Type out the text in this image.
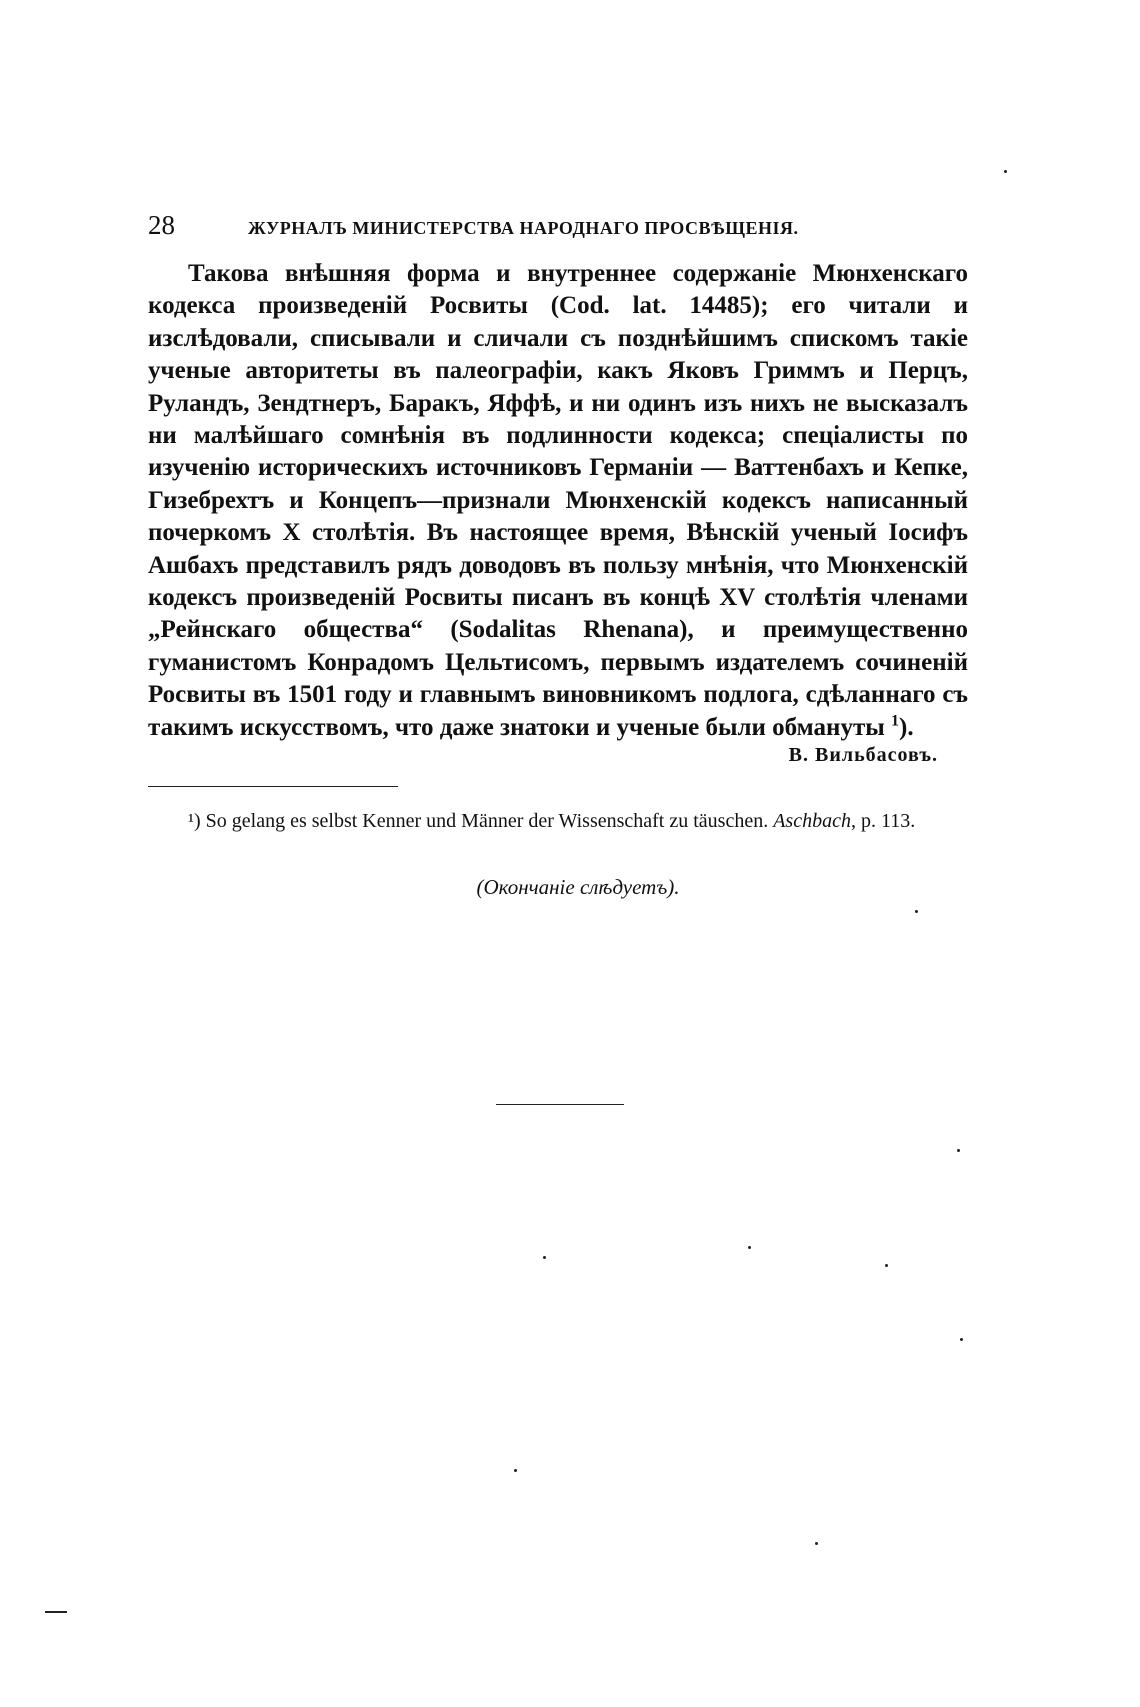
28	ЖУРНАЛЪ МИНИСТЕРСТВА НАРОДНАГО ПРОСВѢЩЕНІЯ.

Такова внѣшняя форма и внутреннее содержаніе Мюнхенскаго кодекса произведеній Росвиты (Cod. lat. 14485); его читали и изслѣдовали, списывали и сличали съ позднѣйшимъ спискомъ такіе ученые авторитеты въ палеографіи, какъ Яковъ Гриммъ и Перцъ, Руландъ, Зендтнеръ, Баракъ, Яффѣ, и ни одинъ изъ нихъ не высказалъ ни малѣйшаго сомнѣнія въ подлинности кодекса; спеціалисты по изученію историческихъ источниковъ Германіи — Ваттенбахъ и Кепке, Гизебрехтъ и Концепъ—признали Мюнхенскій кодексъ написанный почеркомъ X столѣтія. Въ настоящее время, Вѣнскій ученый Іосифъ Ашбахъ представилъ рядъ доводовъ въ пользу мнѣнія, что Мюнхенскій кодексъ произведеній Росвиты писанъ въ концѣ XV столѣтія членами „Рейнскаго общества“ (Sodalitas Rhenana), и преимущественно гуманистомъ Конрадомъ Цельтисомъ, первымъ издателемъ сочиненій Росвиты въ 1501 году и главнымъ виновникомъ подлога, сдѣланнаго съ такимъ искусствомъ, что даже знатоки и ученые были обмануты $^1$).

В. Вильбасовъ.

¹) So gelang es selbst Kenner und Männer der Wissenschaft zu täuschen. Aschbach, p. 113.

(Окончаніе слѣдуетъ).
